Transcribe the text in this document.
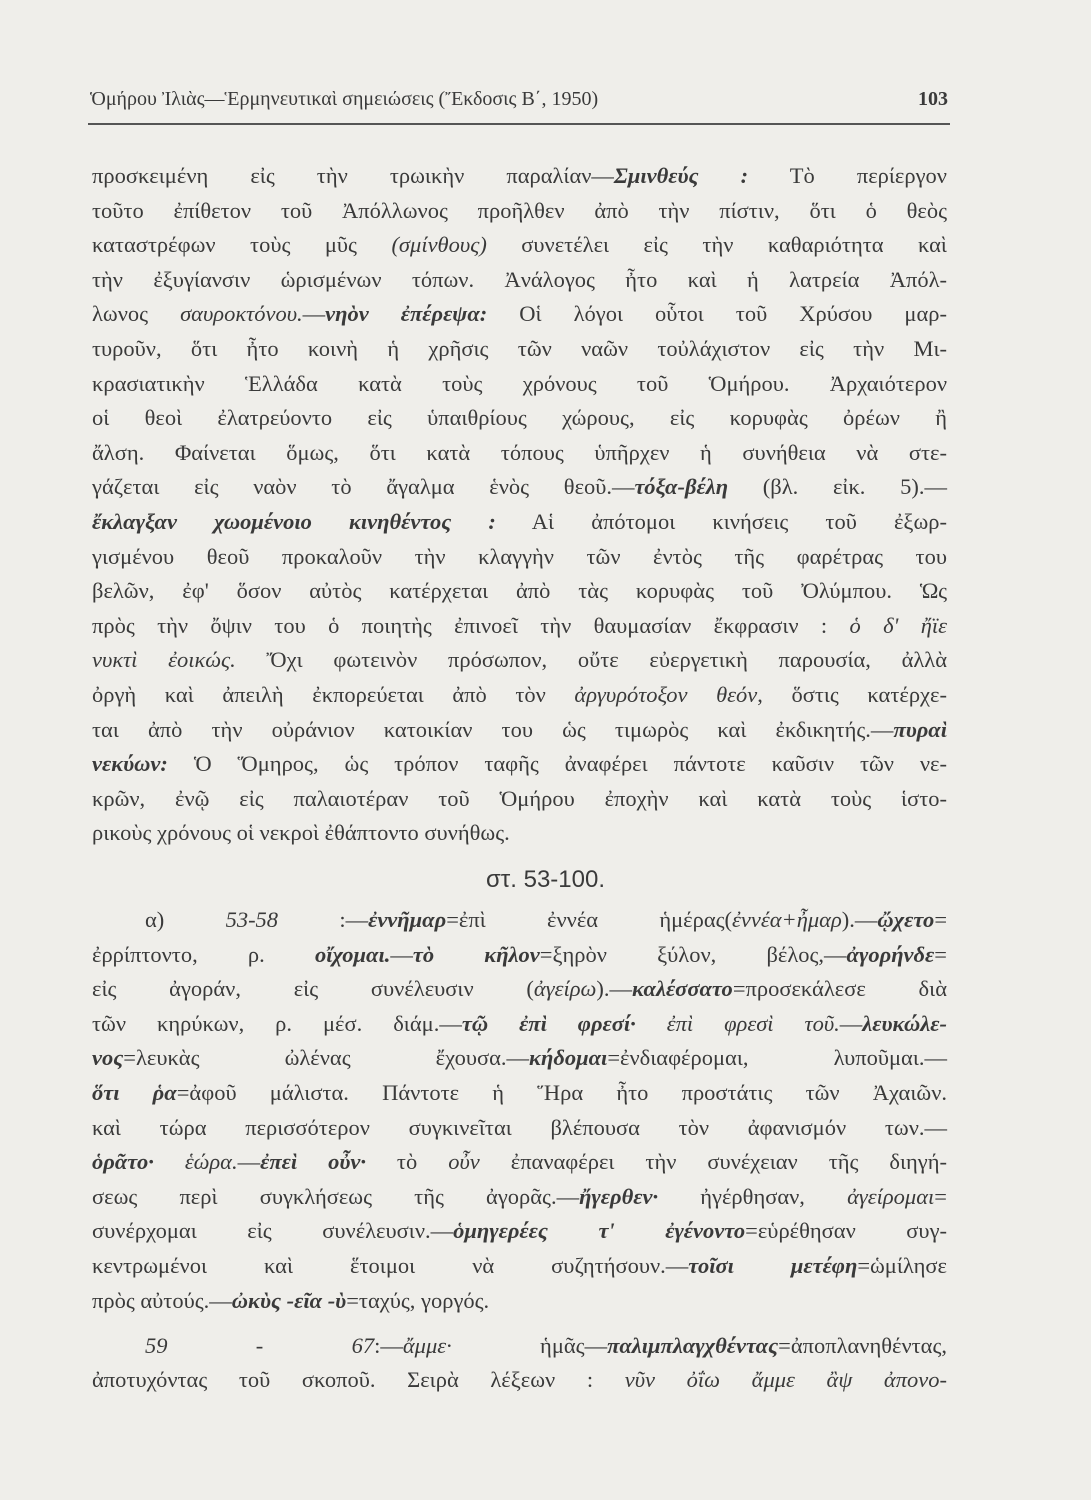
Ὁμήρου Ἰλιὰς—Ἑρμηνευτικαὶ σημειώσεις (Ἔκδοσις Β΄, 1950)	103
στ. 53-100.
προσκειμένη εἰς τὴν τρωικὴν παραλίαν—Σμινθεύς : Τὸ περίεργον
τοῦτο ἐπίθετον τοῦ Ἀπόλλωνος προῆλθεν ἀπὸ τὴν πίστιν, ὅτι ὁ θεὸς
καταστρέφων τοὺς μῦς (σμίνθους) συνετέλει εἰς τὴν καθαριότητα καὶ
τὴν ἐξυγίανσιν ὡρισμένων τόπων. Ἀνάλογος ἦτο καὶ ἡ λατρεία Ἀπόλ-
λωνος σαυροκτόνου.—νηὸν ἐπέρεψα: Οἱ λόγοι οὗτοι τοῦ Χρύσου μαρ-
τυροῦν, ὅτι ἦτο κοινὴ ἡ χρῆσις τῶν ναῶν τοὐλάχιστον εἰς τὴν Μι-
κρασιατικὴν Ἑλλάδα κατὰ τοὺς χρόνους τοῦ Ὁμήρου. Ἀρχαιότερον
οἱ θεοὶ ἐλατρεύοντο εἰς ὑπαιθρίους χώρους, εἰς κορυφὰς ὀρέων ἢ
ἄλση. Φαίνεται ὅμως, ὅτι κατὰ τόπους ὑπῆρχεν ἡ συνήθεια νὰ στε-
γάζεται εἰς ναὸν τὸ ἄγαλμα ἑνὸς θεοῦ.—τόξα-βέλη (βλ. εἰκ. 5).—
ἔκλαγξαν χωομένοιο κινηθέντος : Αἱ ἀπότομοι κινήσεις τοῦ ἐξωρ-
γισμένου θεοῦ προκαλοῦν τὴν κλαγγὴν τῶν ἐντὸς τῆς φαρέτρας του
βελῶν, ἐφ' ὅσον αὐτὸς κατέρχεται ἀπὸ τὰς κορυφὰς τοῦ Ὀλύμπου. Ὡς
πρὸς τὴν ὄψιν του ὁ ποιητὴς ἐπινοεῖ τὴν θαυμασίαν ἔκφρασιν : ὁ δ' ἤϊε
νυκτὶ ἐοικώς. Ὄχι φωτεινὸν πρόσωπον, οὔτε εὐεργετικὴ παρουσία, ἀλλὰ
ὀργὴ καὶ ἀπειλὴ ἐκπορεύεται ἀπὸ τὸν ἀργυρότοξον θεόν, ὅστις κατέρχε-
ται ἀπὸ τὴν οὐράνιον κατοικίαν του ὡς τιμωρὸς καὶ ἐκδικητής.—πυραὶ
νεκύων: Ὁ Ὅμηρος, ὡς τρόπον ταφῆς ἀναφέρει πάντοτε καῦσιν τῶν νε-
κρῶν, ἐνῷ εἰς παλαιοτέραν τοῦ Ὁμήρου ἐποχὴν καὶ κατὰ τοὺς ἱστο-
ρικοὺς χρόνους οἱ νεκροὶ ἐθάπτοντο συνήθως.
α) 53-58 :—ἐννῆμαρ=ἐπὶ ἐννέα ἡμέρας(ἐννέα+ἦμαρ).—ᾤχετο=
ἐρρίπτοντο, ρ. οἴχομαι.—τὸ κῆλον=ξηρὸν ξύλον, βέλος,—ἀγορήνδε=
εἰς ἀγοράν, εἰς συνέλευσιν (ἀγείρω).—καλέσσατο=προσεκάλεσε διὰ
τῶν κηρύκων, ρ. μέσ. διάμ.—τῷ ἐπὶ φρεσί· ἐπὶ φρεσὶ τοῦ.—λευκώλε-
νος=λευκὰς ὠλένας ἔχουσα.—κήδομαι=ἐνδιαφέρομαι, λυποῦμαι.—
ὅτι ῥα=ἀφοῦ μάλιστα. Πάντοτε ἡ Ἥρα ἦτο προστάτις τῶν Ἀχαιῶν.
καὶ τώρα περισσότερον συγκινεῖται βλέπουσα τὸν ἀφανισμόν των.—
ὁρᾶτο· ἑώρα.—ἐπεὶ οὖν· τὸ οὖν ἐπαναφέρει τὴν συνέχειαν τῆς διηγή-
σεως περὶ συγκλήσεως τῆς ἀγορᾶς.—ἤγερθεν· ἠγέρθησαν, ἀγείρομαι=
συνέρχομαι εἰς συνέλευσιν.—ὁμηγερέες τ' ἐγένοντο=εὑρέθησαν συγ-
κεντρωμένοι καὶ ἕτοιμοι νὰ συζητήσουν.—τοῖσι μετέφη=ὡμίλησε
πρὸς αὐτούς.—ὠκὺς -εῖα -ὺ=ταχύς, γοργός.
59 - 67:—ἄμμε· ἡμᾶς—παλιμπλαγχθέντας=ἀποπλανηθέντας,
ἀποτυχόντας τοῦ σκοποῦ. Σειρὰ λέξεων : νῦν ὀΐω ἄμμε ἂψ ἀπονο-
